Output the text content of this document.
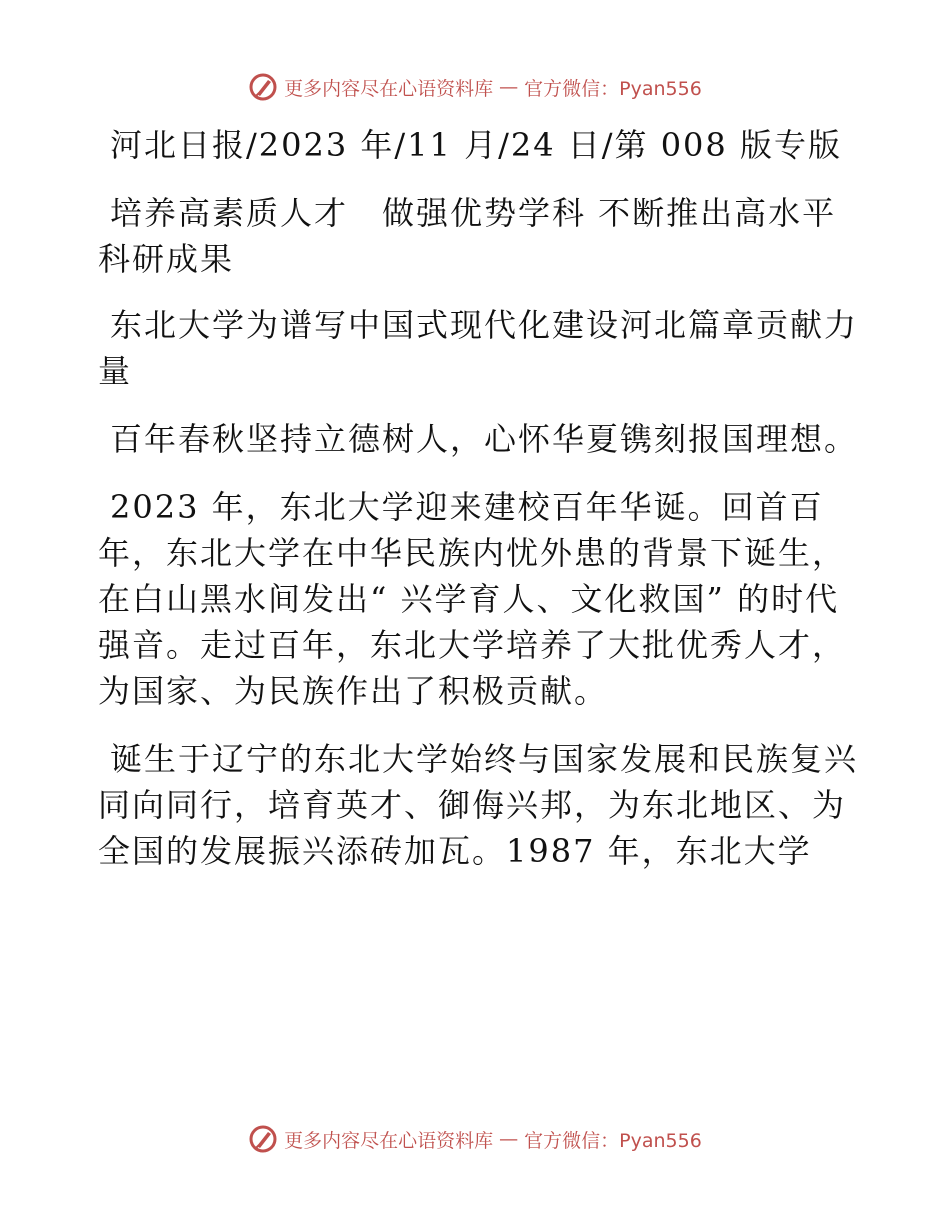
更多内容尽在心语资料库 — 官方微信：Pyan556

河北日报/2023 年/11 月/24 日/第 008 版专版

培养高素质人才　做强优势学科 不断推出高水平科研成果

东北大学为谱写中国式现代化建设河北篇章贡献力量

百年春秋坚持立德树人，心怀华夏镌刻报国理想。

2023 年，东北大学迎来建校百年华诞。回首百年，东北大学在中华民族内忧外患的背景下诞生，在白山黑水间发出“ 兴学育人、文化救国” 的时代强音。走过百年，东北大学培养了大批优秀人才，为国家、为民族作出了积极贡献。

诞生于辽宁的东北大学始终与国家发展和民族复兴同向同行，培育英才、御侮兴邦，为东北地区、为全国的发展振兴添砖加瓦。1987 年，东北大学

更多内容尽在心语资料库 — 官方微信：Pyan556
